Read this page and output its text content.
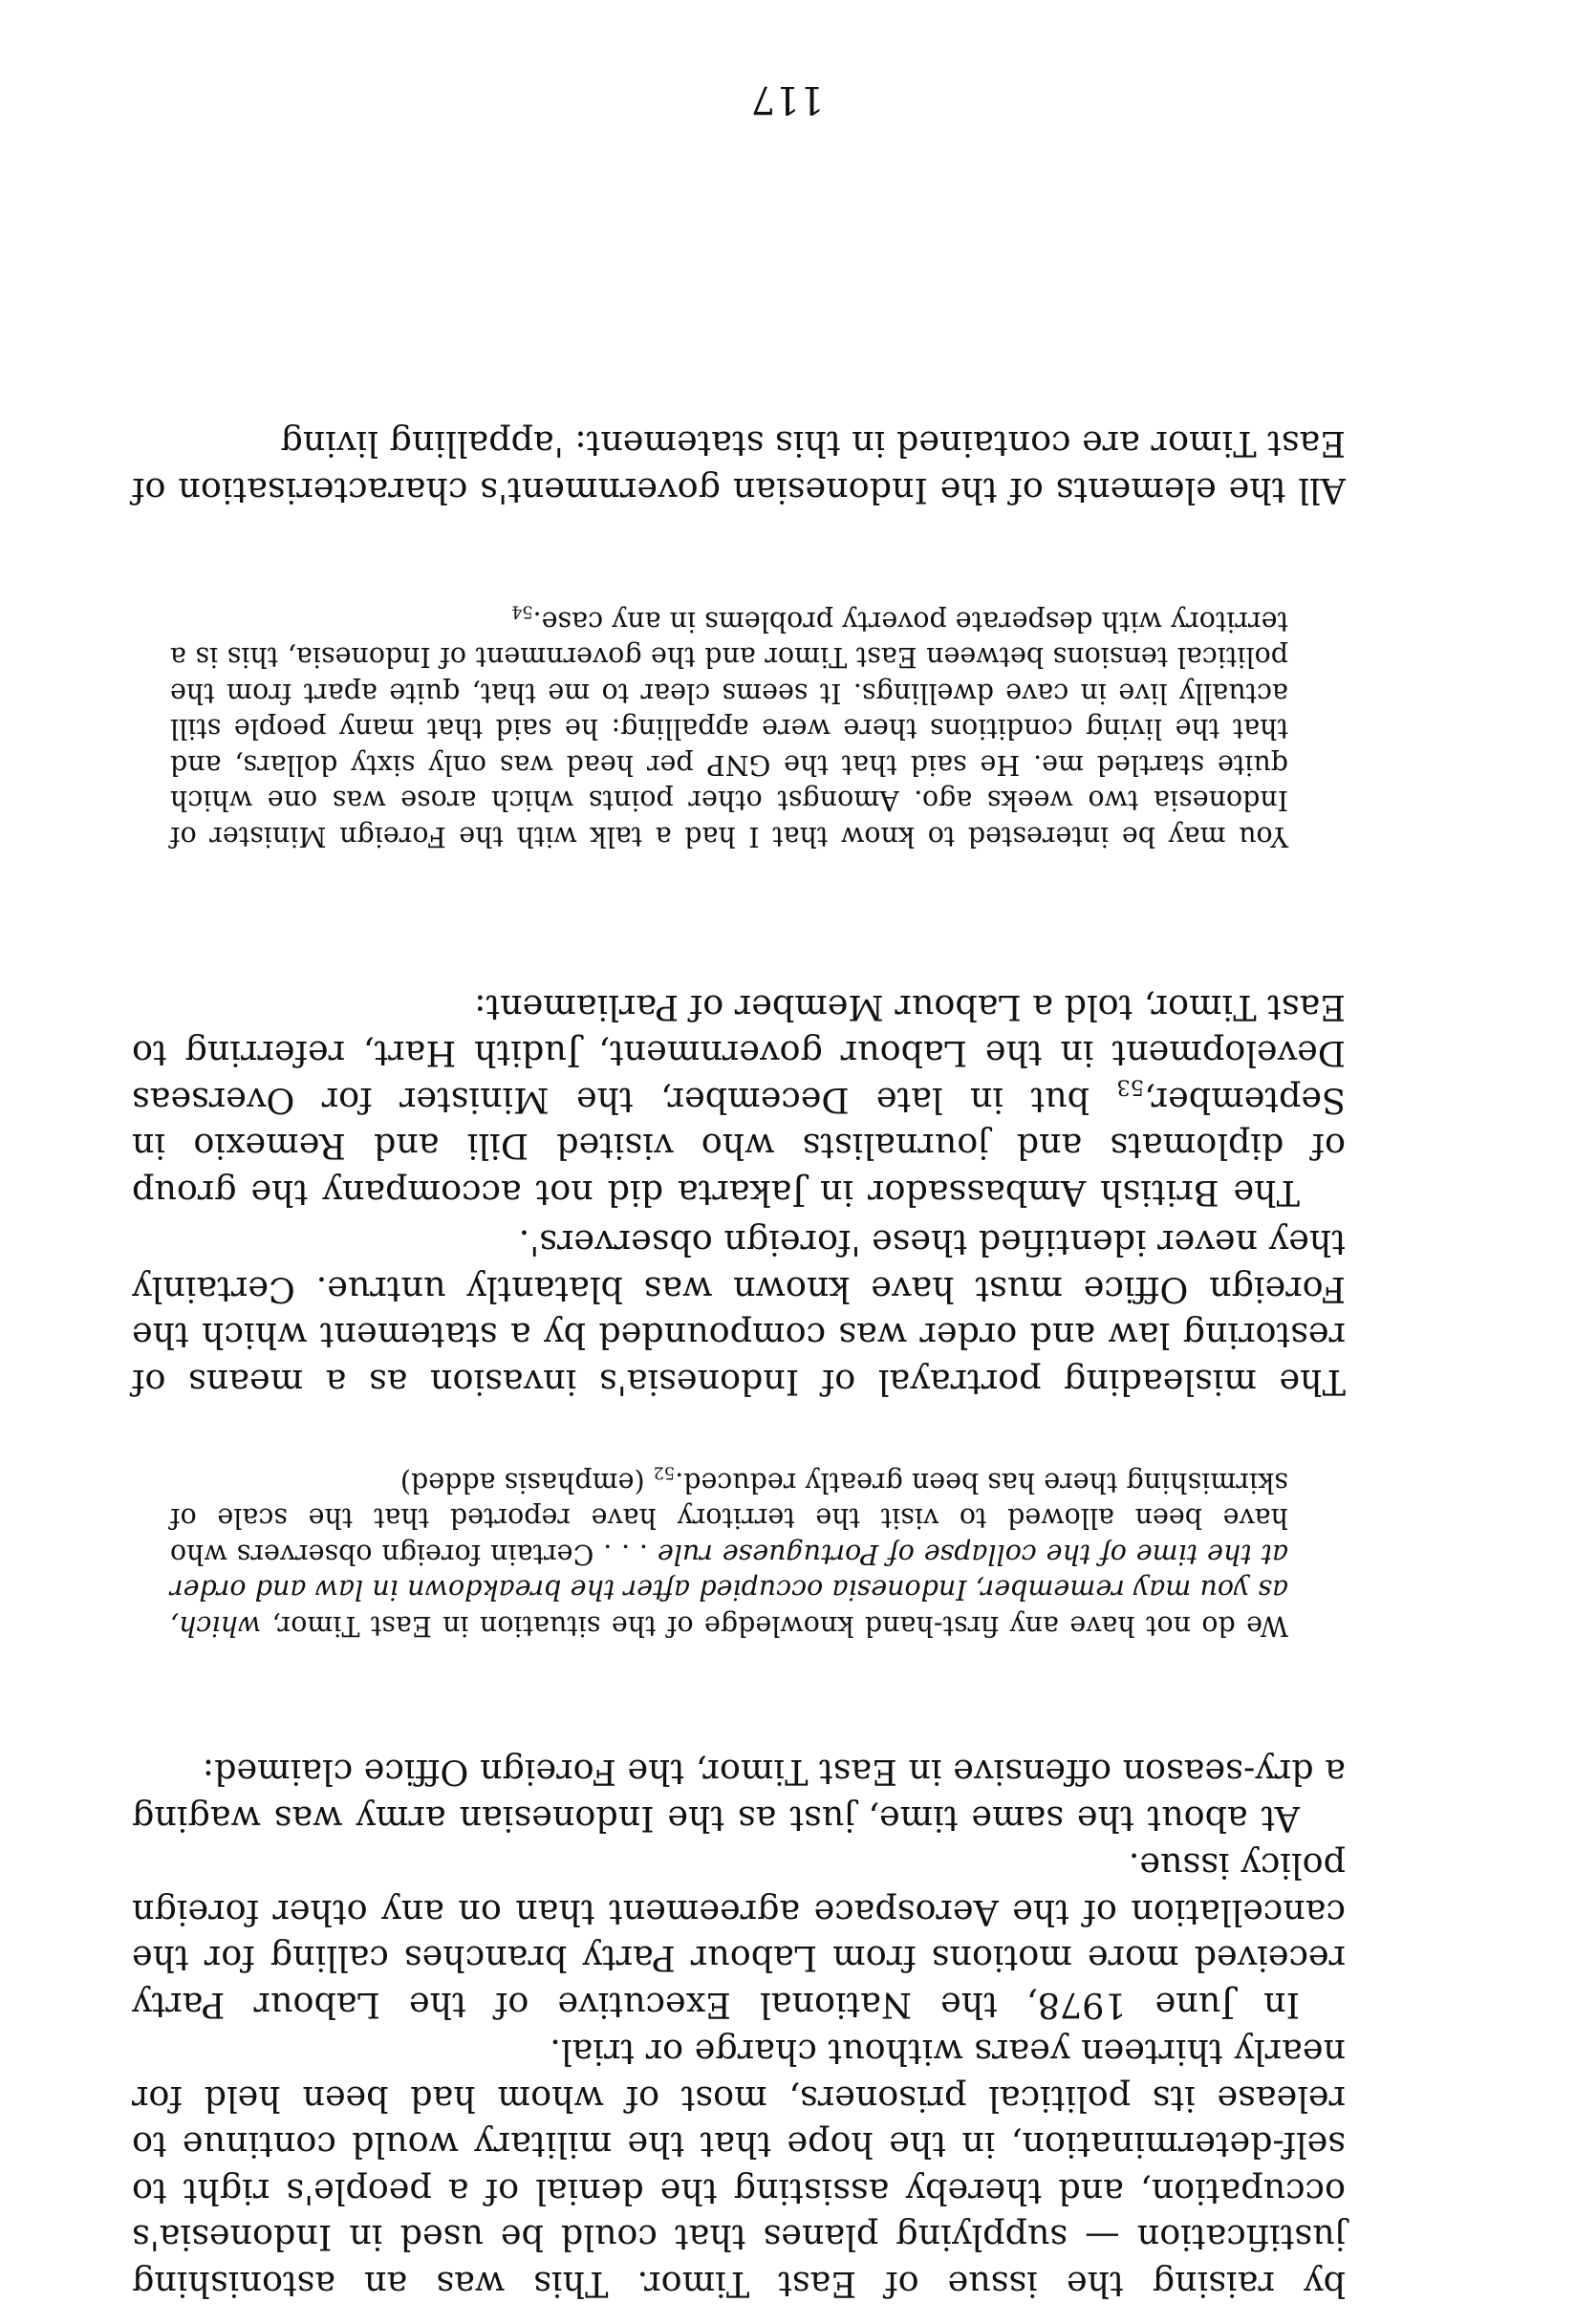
by raising the issue of East Timor. This was an astonishing justification — supplying planes that could be used in Indonesia's occupation, and thereby assisting the denial of a people's right to self-determination, in the hope that the military would continue to release its political prisoners, most of whom had been held for nearly thirteen years without charge or trial.

In June 1978, the National Executive of the Labour Party received more motions from Labour Party branches calling for the cancellation of the Aerospace agreement than on any other foreign policy issue.

At about the same time, just as the Indonesian army was waging a dry-season offensive in East Timor, the Foreign Office claimed:

We do not have any first-hand knowledge of the situation in East Timor, which, as you may remember, Indonesia occupied after the breakdown in law and order at the time of the collapse of Portuguese rule . . . Certain foreign observers who have been allowed to visit the territory have reported that the scale of skirmishing there has been greatly $reduced._{52}$ (emphasis added)

The misleading portrayal of Indonesia's invasion as a means of restoring law and order was compounded by a statement which the Foreign Office must have known was blatantly untrue. Certainly they never identified these 'foreign observers'.

The British Ambassador in Jakarta did not accompany the group of diplomats and journalists who visited Dili and Remexio in $September,_{53}$ but in late December, the Minister for Overseas Development in the Labour government, Judith Hart, referring to East Timor, told a Labour Member of Parliament:

You may be interested to know that I had a talk with the Foreign Minister of Indonesia two weeks ago. Amongst other points which arose was one which quite startled me. He said that the GNP per head was only sixty dollars, and that the living conditions there were appalling: he said that many people still actually live in cave dwellings. It seems clear to me that, quite apart from the political tensions between East Timor and the government of Indonesia, this is a territory with desperate poverty problems in any $case._{54}$

All the elements of the Indonesian government's characterisation of East Timor are contained in this statement: 'appalling living

117
